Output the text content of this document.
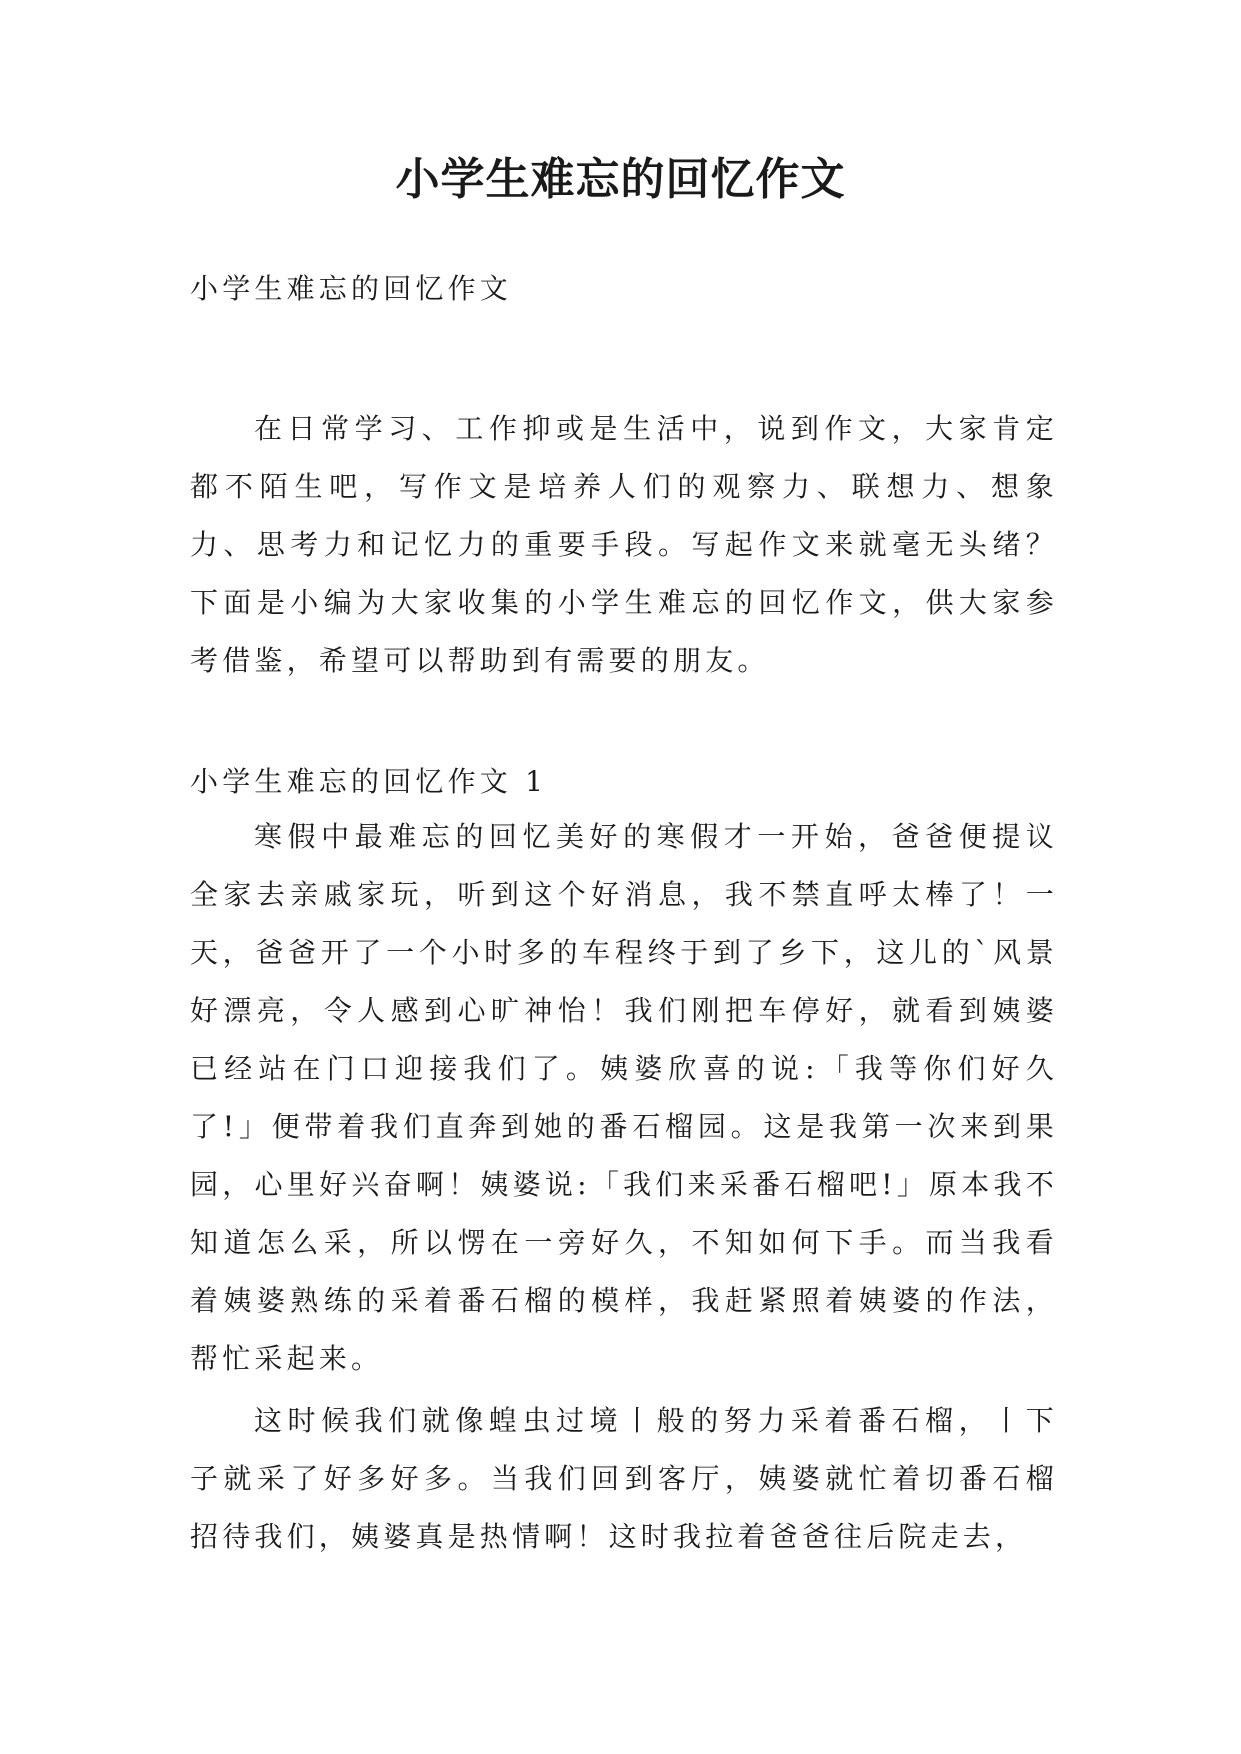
小学生难忘的回忆作文

小学生难忘的回忆作文

在日常学习、工作抑或是生活中，说到作文，大家肯定都不陌生吧，写作文是培养人们的观察力、联想力、想象力、思考力和记忆力的重要手段。写起作文来就毫无头绪？下面是小编为大家收集的小学生难忘的回忆作文，供大家参考借鉴，希望可以帮助到有需要的朋友。

小学生难忘的回忆作文 1

寒假中最难忘的回忆美好的寒假才一开始，爸爸便提议全家去亲戚家玩，听到这个好消息，我不禁直呼太棒了！一天，爸爸开了一个小时多的车程终于到了乡下，这儿的`风景好漂亮，令人感到心旷神怡！我们刚把车停好，就看到姨婆已经站在门口迎接我们了。姨婆欣喜的说:「我等你们好久了!」便带着我们直奔到她的番石榴园。这是我第一次来到果园，心里好兴奋啊！姨婆说:「我们来采番石榴吧!」原本我不知道怎么采，所以愣在一旁好久，不知如何下手。而当我看着姨婆熟练的采着番石榴的模样，我赶紧照着姨婆的作法，帮忙采起来。

这时候我们就像蝗虫过境丨般的努力采着番石榴，丨下子就采了好多好多。当我们回到客厅，姨婆就忙着切番石榴招待我们，姨婆真是热情啊！这时我拉着爸爸往后院走去，
